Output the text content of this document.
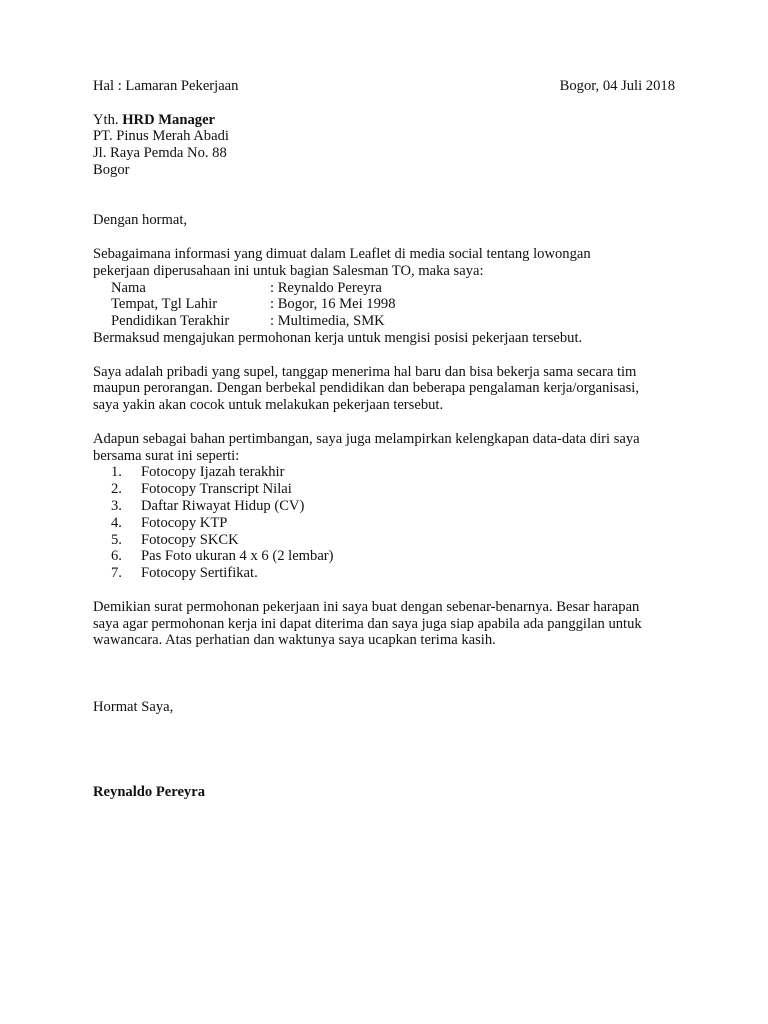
Hal : Lamaran Pekerjaan	Bogor, 04 Juli 2018
Yth. HRD Manager
PT. Pinus Merah Abadi
Jl. Raya Pemda No. 88
Bogor
Dengan hormat,
Sebagaimana informasi yang dimuat dalam Leaflet di media social tentang lowongan
pekerjaan diperusahaan ini untuk bagian Salesman TO, maka saya:
Nama	: Reynaldo Pereyra
Tempat, Tgl Lahir	: Bogor, 16 Mei 1998
Pendidikan Terakhir	: Multimedia, SMK
Bermaksud mengajukan permohonan kerja untuk mengisi posisi pekerjaan tersebut.
Saya adalah pribadi yang supel, tanggap menerima hal baru dan bisa bekerja sama secara tim
maupun perorangan. Dengan berbekal pendidikan dan beberapa pengalaman kerja/organisasi,
saya yakin akan cocok untuk melakukan pekerjaan tersebut.
Adapun sebagai bahan pertimbangan, saya juga melampirkan kelengkapan data-data diri saya
bersama surat ini seperti:
1.	Fotocopy Ijazah terakhir
2.	Fotocopy Transcript Nilai
3.	Daftar Riwayat Hidup (CV)
4.	Fotocopy KTP
5.	Fotocopy SKCK
6.	Pas Foto ukuran 4 x 6 (2 lembar)
7.	Fotocopy Sertifikat.
Demikian surat permohonan pekerjaan ini saya buat dengan sebenar-benarnya. Besar harapan
saya agar permohonan kerja ini dapat diterima dan saya juga siap apabila ada panggilan untuk
wawancara. Atas perhatian dan waktunya saya ucapkan terima kasih.
Hormat Saya,
Reynaldo Pereyra
